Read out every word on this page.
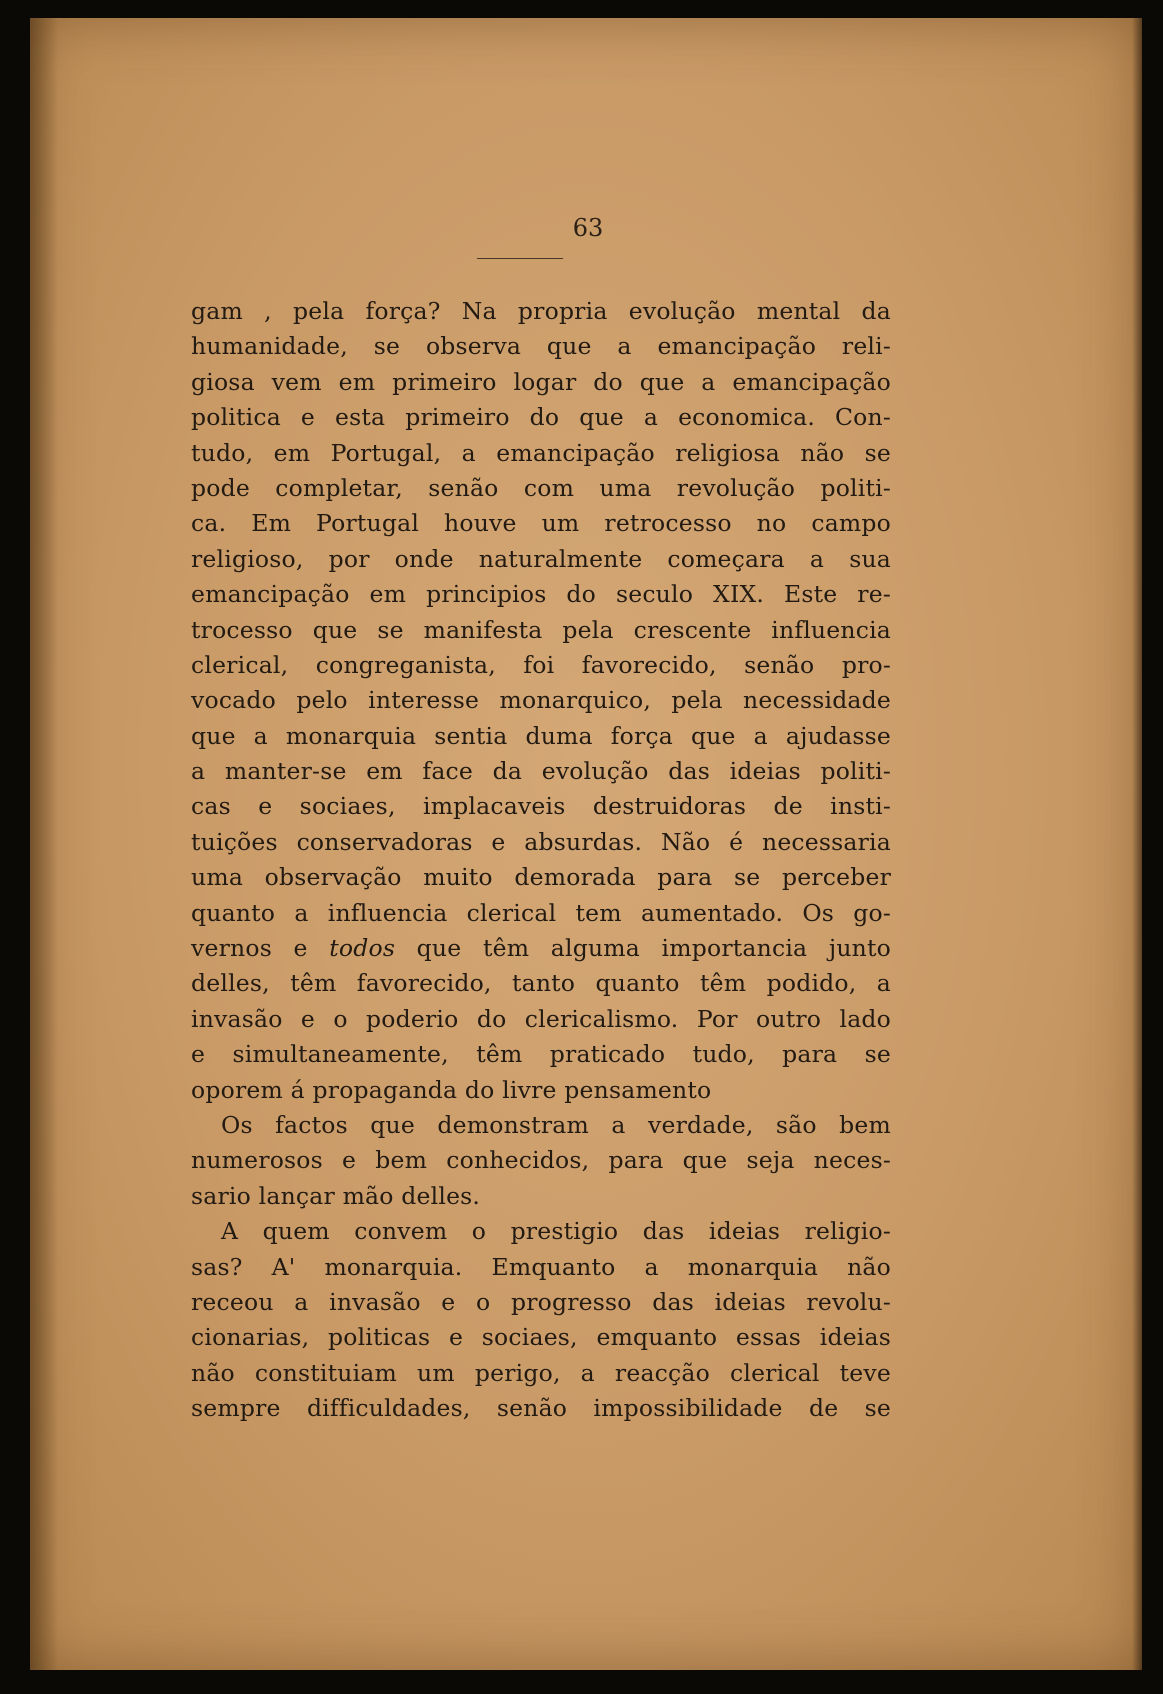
63
gam , pela força? Na propria evolução mental da
humanidade, se observa que a emancipação reli-
giosa vem em primeiro logar do que a emancipação
politica e esta primeiro do que a economica. Con-
tudo, em Portugal, a emancipação religiosa não se
pode completar, senão com uma revolução politi-
ca. Em Portugal houve um retrocesso no campo
religioso, por onde naturalmente começara a sua
emancipação em principios do seculo XIX. Este re-
trocesso que se manifesta pela crescente influencia
clerical, congreganista, foi favorecido, senão pro-
vocado pelo interesse monarquico, pela necessidade
que a monarquia sentia duma força que a ajudasse
a manter-se em face da evolução das ideias politi-
cas e sociaes, implacaveis destruidoras de insti-
tuições conservadoras e absurdas. Não é necessaria
uma observação muito demorada para se perceber
quanto a influencia clerical tem aumentado. Os go-
vernos e todos que têm alguma importancia junto
delles, têm favorecido, tanto quanto têm podido, a
invasão e o poderio do clericalismo. Por outro lado
e simultaneamente, têm praticado tudo, para se
oporem á propaganda do livre pensamento
Os factos que demonstram a verdade, são bem
numerosos e bem conhecidos, para que seja neces-
sario lançar mão delles.
A quem convem o prestigio das ideias religio-
sas? A' monarquia. Emquanto a monarquia não
receou a invasão e o progresso das ideias revolu-
cionarias, politicas e sociaes, emquanto essas ideias
não constituiam um perigo, a reacção clerical teve
sempre difficuldades, senão impossibilidade de se
